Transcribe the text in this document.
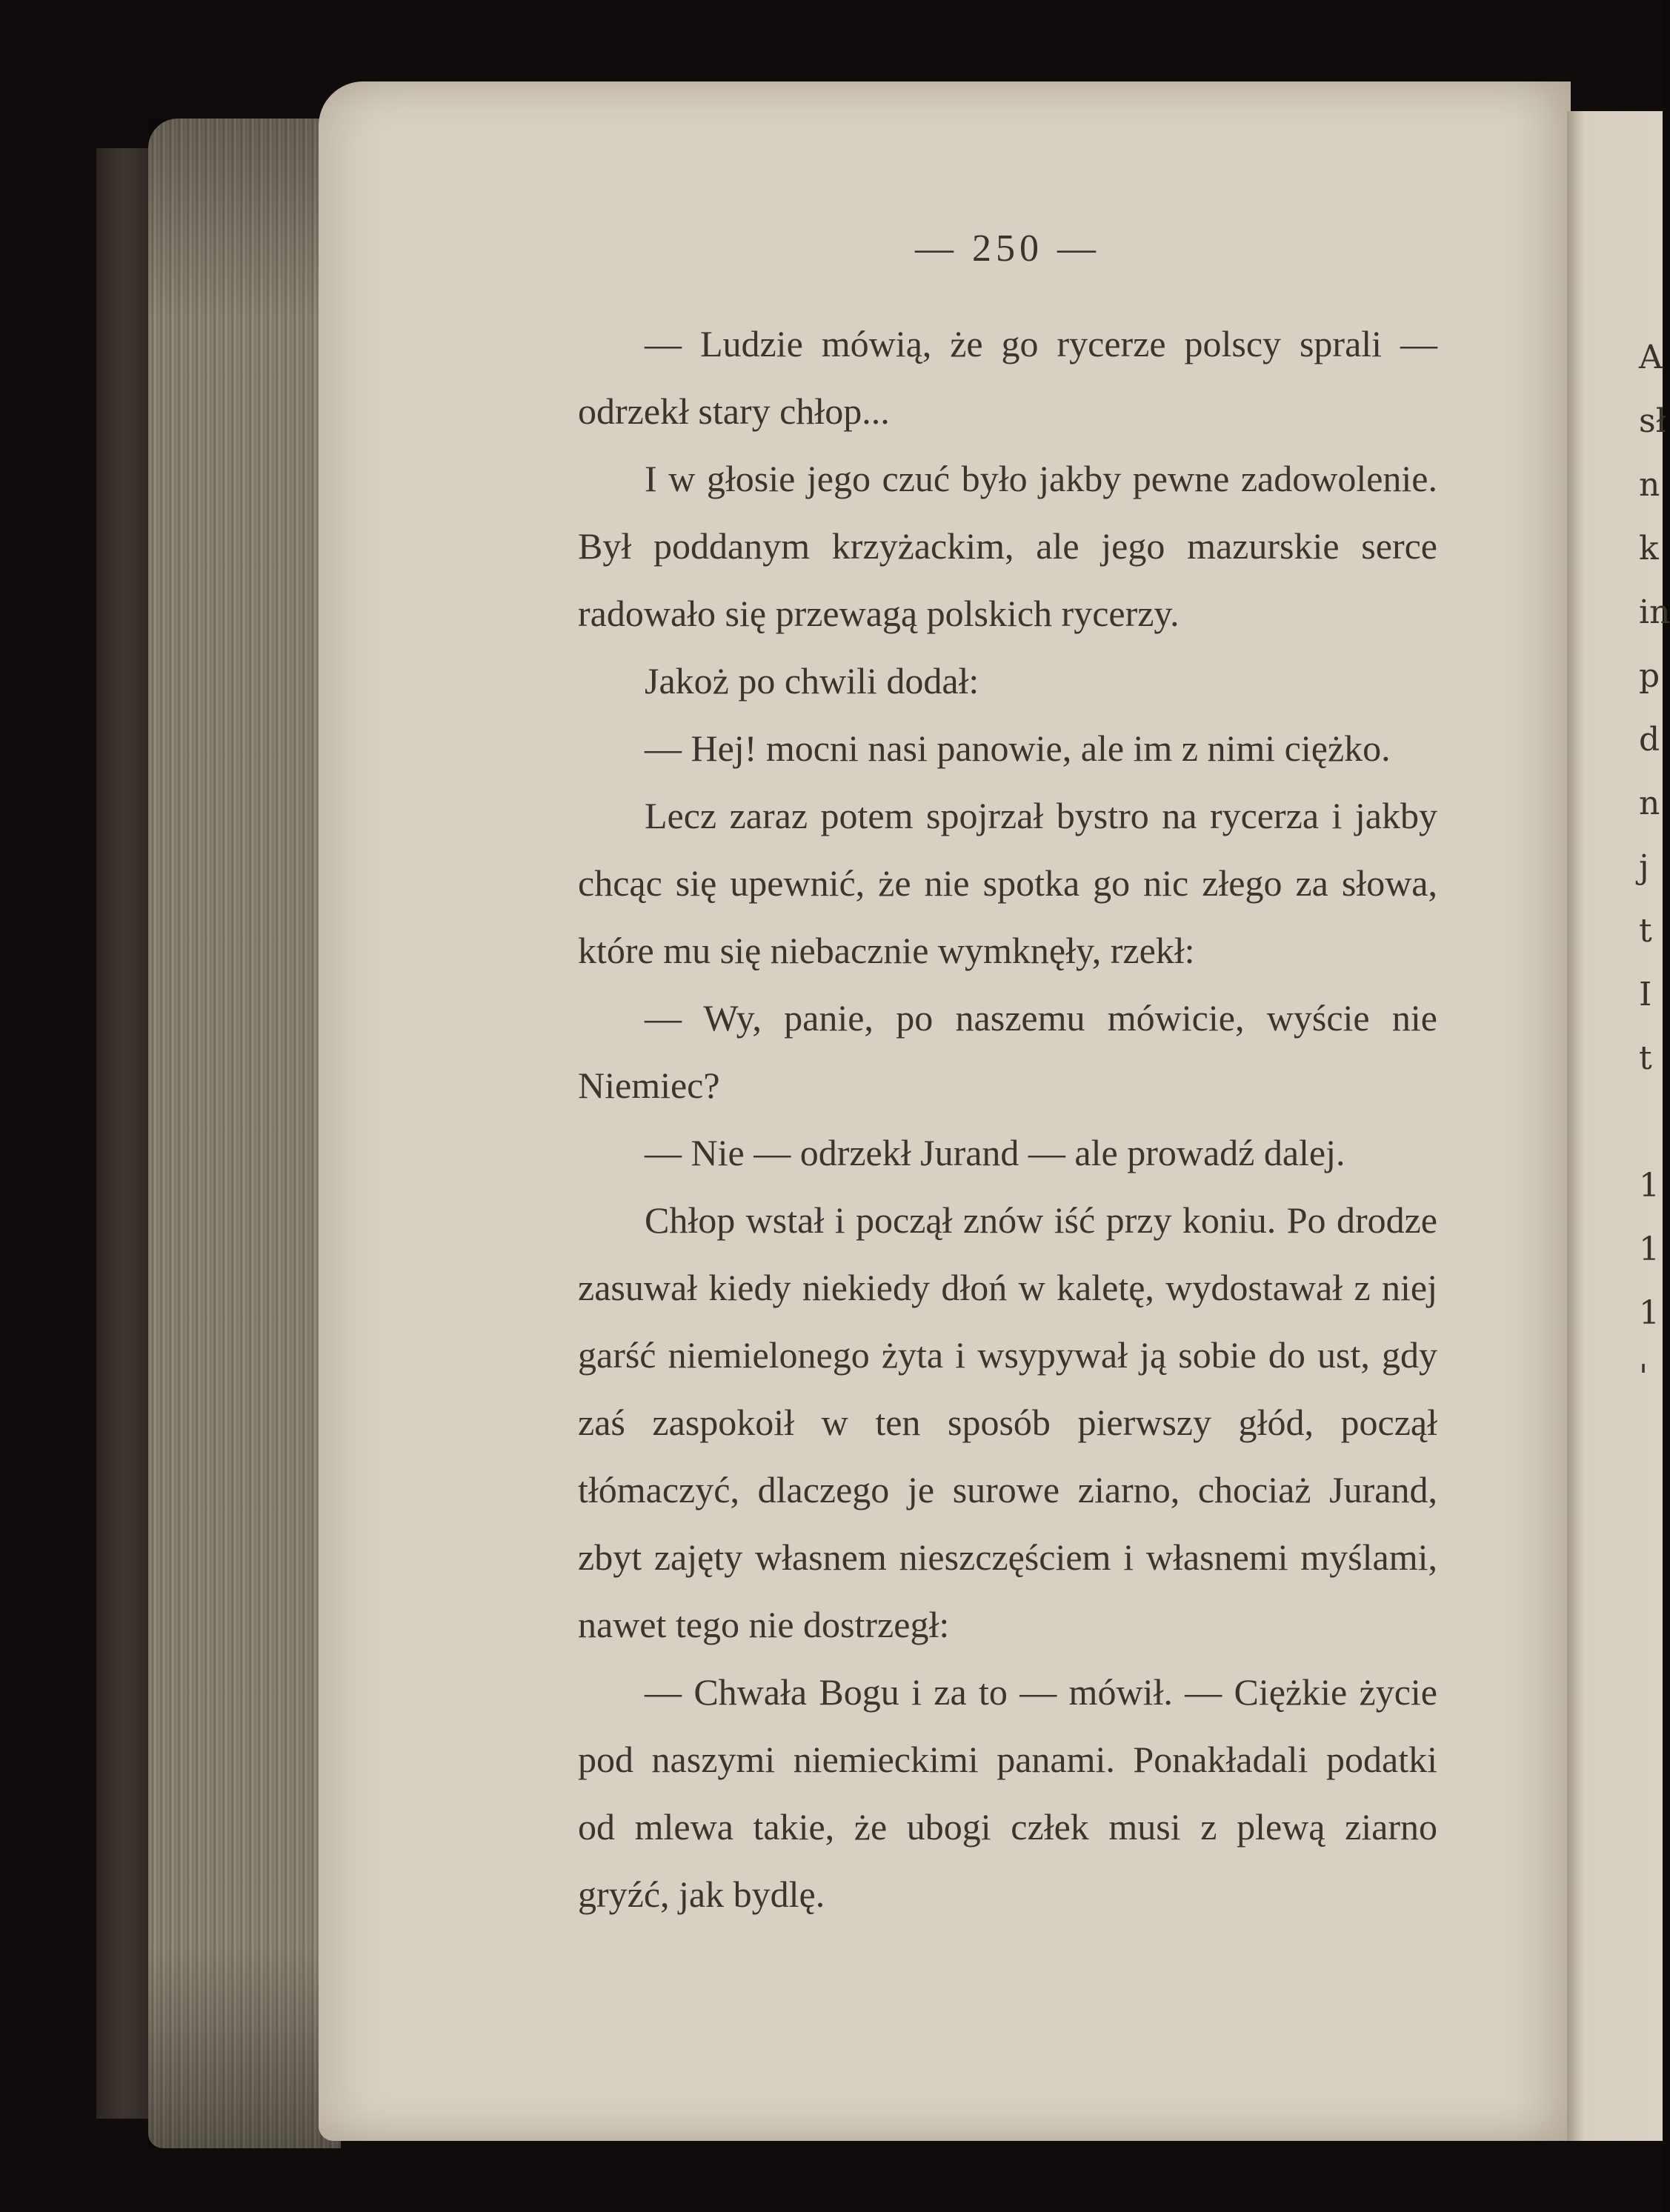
A
sł
n
k
in
p
d
n
j
t
I
t

1
1
1
'
— 250 —

— Ludzie mówią, że go rycerze polscy sprali — odrzekł stary chłop...

I w głosie jego czuć było jakby pewne zadowolenie. Był poddanym krzyżackim, ale jego mazurskie serce radowało się przewagą polskich rycerzy.

Jakoż po chwili dodał:

— Hej! mocni nasi panowie, ale im z nimi ciężko.

Lecz zaraz potem spojrzał bystro na rycerza i jakby chcąc się upewnić, że nie spotka go nic złego za słowa, które mu się niebacznie wymknęły, rzekł:

— Wy, panie, po naszemu mówicie, wyście nie Niemiec?

— Nie — odrzekł Jurand — ale prowadź dalej.

Chłop wstał i począł znów iść przy koniu. Po drodze zasuwał kiedy niekiedy dłoń w kaletę, wydostawał z niej garść niemielonego żyta i wsypywał ją sobie do ust, gdy zaś zaspokoił w ten sposób pierwszy głód, począł tłómaczyć, dlaczego je surowe ziarno, chociaż Jurand, zbyt zajęty własnem nieszczęściem i własnemi myślami, nawet tego nie dostrzegł:

— Chwała Bogu i za to — mówił. — Ciężkie życie pod naszymi niemieckimi panami. Ponakładali podatki od mlewa takie, że ubogi człek musi z plewą ziarno gryźć, jak bydlę.
